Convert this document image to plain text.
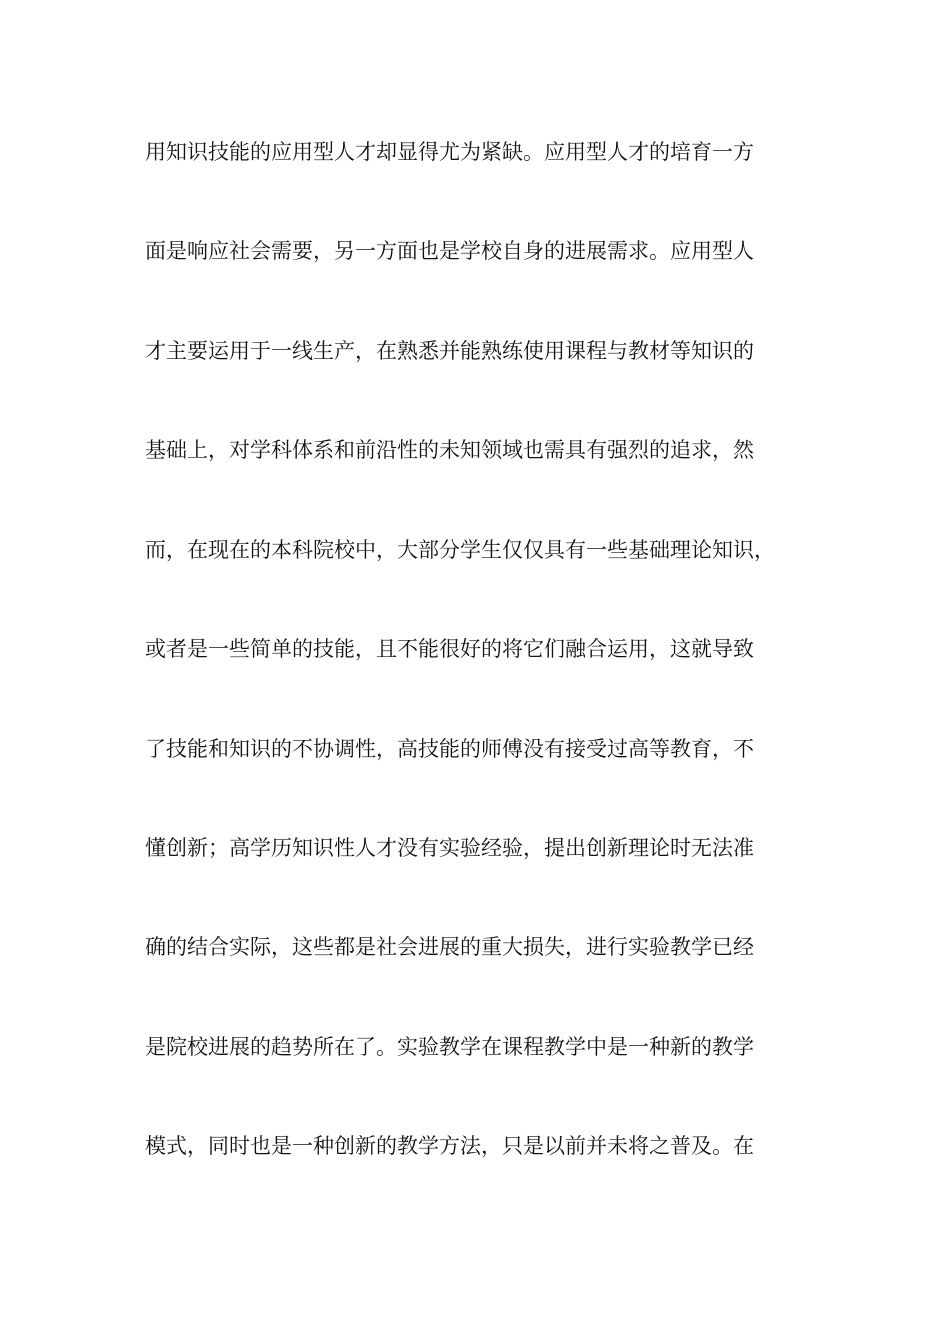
用知识技能的应用型人才却显得尤为紧缺。应用型人才的培育一方
面是响应社会需要，另一方面也是学校自身的进展需求。应用型人
才主要运用于一线生产，在熟悉并能熟练使用课程与教材等知识的
基础上，对学科体系和前沿性的未知领域也需具有强烈的追求，然
而，在现在的本科院校中，大部分学生仅仅具有一些基础理论知识，
或者是一些简单的技能，且不能很好的将它们融合运用，这就导致
了技能和知识的不协调性，高技能的师傅没有接受过高等教育，不
懂创新；高学历知识性人才没有实验经验，提出创新理论时无法准
确的结合实际，这些都是社会进展的重大损失，进行实验教学已经
是院校进展的趋势所在了。实验教学在课程教学中是一种新的教学
模式，同时也是一种创新的教学方法，只是以前并未将之普及。在
